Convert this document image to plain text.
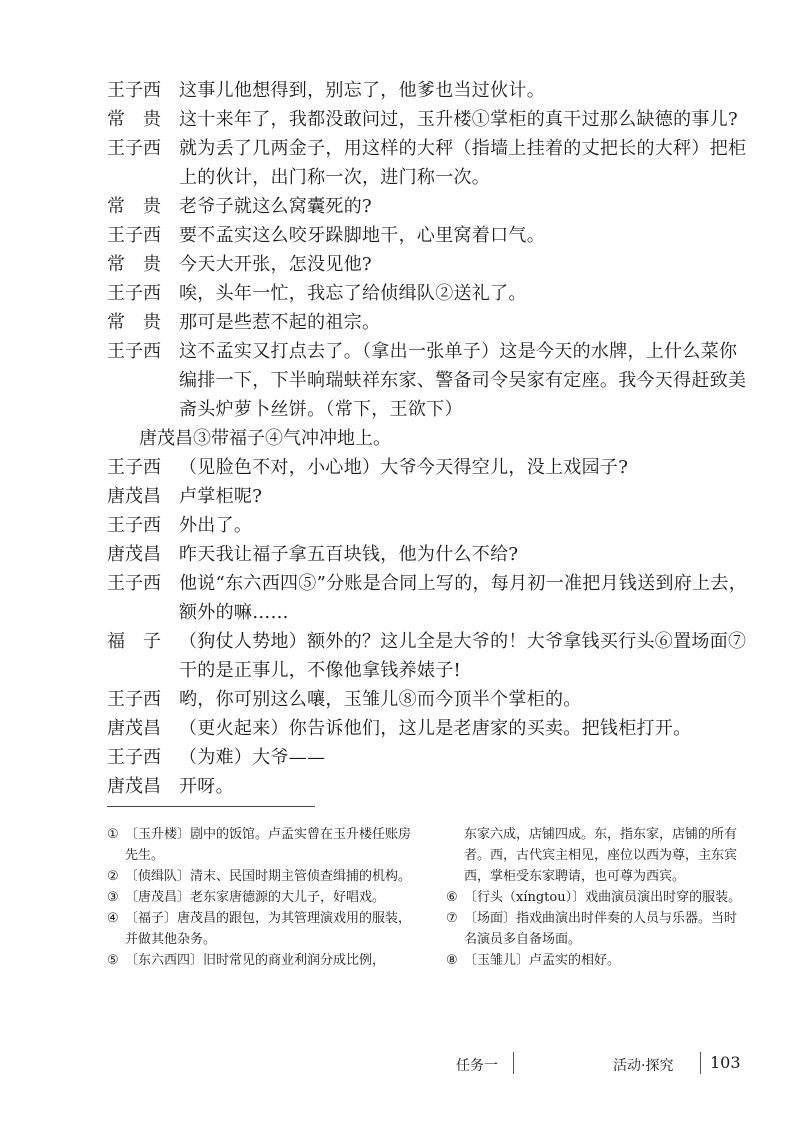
王子西	这事儿他想得到，别忘了，他爹也当过伙计。
常　贵	这十来年了，我都没敢问过，玉升楼①掌柜的真干过那么缺德的事儿?
王子西	就为丢了几两金子，用这样的大秤（指墙上挂着的丈把长的大秤）把柜上的伙计，出门称一次，进门称一次。
常　贵	老爷子就这么窝囊死的?
王子西	要不孟实这么咬牙跺脚地干，心里窝着口气。
常　贵	今天大开张，怎没见他?
王子西	唉，头年一忙，我忘了给侦缉队②送礼了。
常　贵	那可是些惹不起的祖宗。
王子西	这不孟实又打点去了。（拿出一张单子）这是今天的水牌，上什么菜你编排一下，下半晌瑞蚨祥东家、警备司令吴家有定座。我今天得赶致美斋头炉萝卜丝饼。（常下，王欲下）
唐茂昌③带福子④气冲冲地上。
王子西	（见脸色不对，小心地）大爷今天得空儿，没上戏园子?
唐茂昌	卢掌柜呢?
王子西	外出了。
唐茂昌	昨天我让福子拿五百块钱，他为什么不给?
王子西	他说“东六西四⑤”分账是合同上写的，每月初一准把月钱送到府上去，额外的嘛……
福　子	（狗仗人势地）额外的？这儿全是大爷的！大爷拿钱买行头⑥置场面⑦干的是正事儿，不像他拿钱养婊子!
王子西	哟，你可别这么嚷，玉雏儿⑧而今顶半个掌柜的。
唐茂昌	（更火起来）你告诉他们，这儿是老唐家的买卖。把钱柜打开。
王子西	（为难）大爷——
唐茂昌	开呀。
① 〔玉升楼〕剧中的饭馆。卢孟实曾在玉升楼任账房先生。
② 〔侦缉队〕清末、民国时期主管侦查缉捕的机构。
③ 〔唐茂昌〕老东家唐德源的大儿子，好唱戏。
④ 〔福子〕唐茂昌的跟包，为其管理演戏用的服装，并做其他杂务。
⑤ 〔东六西四〕旧时常见的商业利润分成比例，
东家六成，店铺四成。东，指东家，店铺的所有者。西，古代宾主相见，座位以西为尊，主东宾西，掌柜受东家聘请，也可尊为西宾。
⑥ 〔行头（xíngtou）〕戏曲演员演出时穿的服装。
⑦ 〔场面〕指戏曲演出时伴奏的人员与乐器。当时名演员多自备场面。
⑧ 〔玉雏儿〕卢孟实的相好。
任务一	活动·探究 103
